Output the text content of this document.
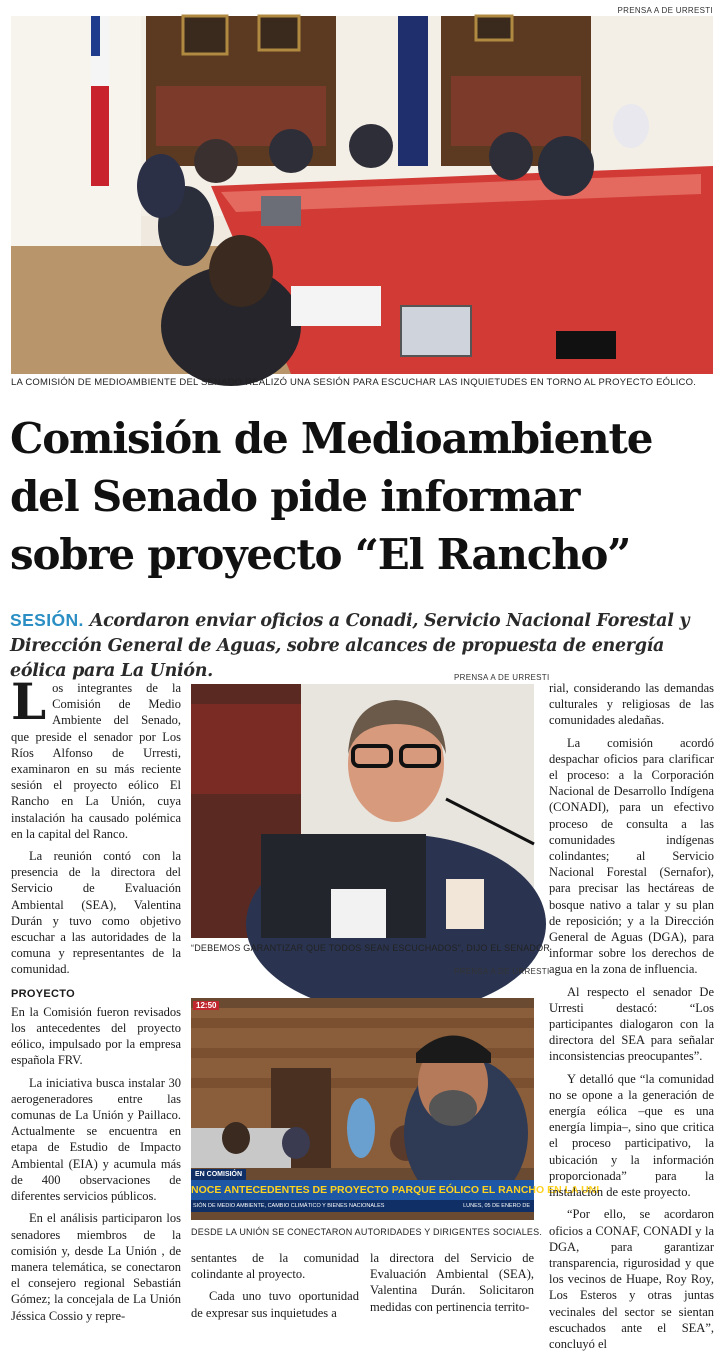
PRENSA A DE URRESTI
LA COMISIÓN DE MEDIOAMBIENTE DEL SENADO REALIZÓ UNA SESIÓN PARA ESCUCHAR LAS INQUIETUDES EN TORNO AL PROYECTO EÓLICO.
Comisión de Medioambiente
del Senado pide informar
sobre proyecto “El Rancho”
SESIÓN. Acordaron enviar oficios a Conadi, Servicio Nacional Forestal y Dirección General de Aguas, sobre alcances de propuesta de energía eólica para La Unión.

Los integrantes de la Comisión de Medio Ambiente del Senado, que preside el senador por Los Ríos Alfonso de Urresti, examinaron en su más reciente sesión el proyecto eólico El Rancho en La Unión, cuya instalación ha causado polémica en la capital del Ranco.

La reunión contó con la presencia de la directora del Servicio de Evaluación Ambiental (SEA), Valentina Durán y tuvo como objetivo escuchar a las autoridades de la comuna y representantes de la comunidad.

PROYECTO

En la Comisión fueron revisados los antecedentes del proyecto eólico, impulsado por la empresa española FRV.

La iniciativa busca instalar 30 aerogeneradores entre las comunas de La Unión y Paillaco. Actualmente se encuentra en etapa de Estudio de Impacto Ambiental (EIA) y acumula más de 400 observaciones de diferentes servicios públicos.

En el análisis participaron los senadores miembros de la comisión y, desde La Unión , de manera telemática, se conectaron el consejero regional Sebastián Gómez; la concejala de La Unión Jéssica Cossio y repre-

PRENSA A DE URRESTI
“DEBEMOS GARANTIZAR QUE TODOS SEAN ESCUCHADOS”, DIJO EL SENADOR
PRENSA A DE URRESTI
12:50
EN COMISIÓN
NOCE ANTECEDENTES DE PROYECTO PARQUE EÓLICO EL RANCHO EN LA UNI
SIÓN DE MEDIO AMBIENTE, CAMBIO CLIMÁTICO Y BIENES NACIONALES	LUNES, 05 DE ENERO DE
DESDE LA UNIÓN SE CONECTARON AUTORIDADES Y DIRIGENTES SOCIALES.

sentantes de la comunidad colindante al proyecto.

Cada uno tuvo oportunidad de expresar sus inquietudes a

la directora del Servicio de Evaluación Ambiental (SEA), Valentina Durán. Solicitaron medidas con pertinencia territo-

rial, considerando las demandas culturales y religiosas de las comunidades aledañas.

La comisión acordó despachar oficios para clarificar el proceso: a la Corporación Nacional de Desarrollo Indígena (CONADI), para un efectivo proceso de consulta a las comunidades indígenas colindantes; al Servicio Nacional Forestal (Sernafor), para precisar las hectáreas de bosque nativo a talar y su plan de reposición; y a la Dirección General de Aguas (DGA), para informar sobre los derechos de agua en la zona de influencia.

Al respecto el senador De Urresti destacó: “Los participantes dialogaron con la directora del SEA para señalar inconsistencias preocupantes”.

Y detalló que “la comunidad no se opone a la generación de energía eólica –que es una energía limpia–, sino que critica el proceso participativo, la ubicación y la información proporcionada” para la instalación de este proyecto.

“Por ello, se acordaron oficios a CONAF, CONADI y la DGA, para garantizar transparencia, rigurosidad y que los vecinos de Huape, Roy Roy, Los Esteros y otras juntas vecinales del sector se sientan escuchados ante el SEA”, concluyó el
